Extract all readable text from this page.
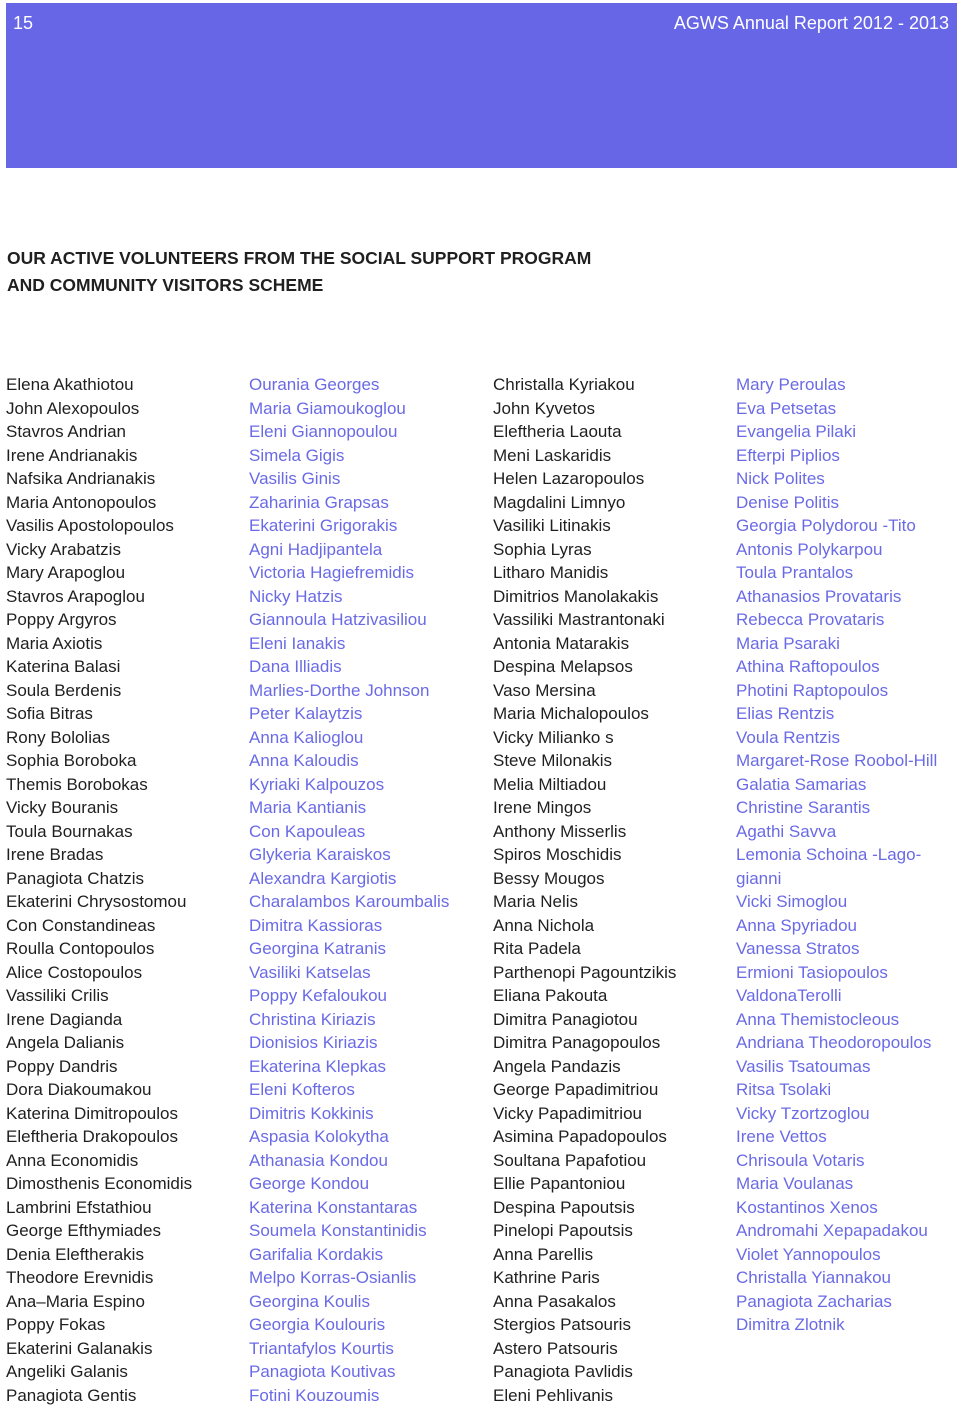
15	AGWS Annual Report 2012 - 2013
OUR ACTIVE VOLUNTEERS FROM THE SOCIAL SUPPORT PROGRAM
AND COMMUNITY VISITORS SCHEME
Elena Akathiotou
John Alexopoulos
Stavros Andrian
Irene Andrianakis
Nafsika Andrianakis
Maria Antonopoulos
Vasilis Apostolopoulos
Vicky Arabatzis
Mary Arapoglou
Stavros Arapoglou
Poppy Argyros
Maria Axiotis
Katerina Balasi
Soula Berdenis
Sofia Bitras
Rony Bololias
Sophia Boroboka
Themis Borobokas
Vicky Bouranis
Toula Bournakas
Irene Bradas
Panagiota Chatzis
Ekaterini Chrysostomou
Con Constandineas
Roulla Contopoulos
Alice Costopoulos
Vassiliki Crilis
Irene Dagianda
Angela Dalianis
Poppy Dandris
Dora Diakoumakou
Katerina Dimitropoulos
Eleftheria Drakopoulos
Anna Economidis
Dimosthenis Economidis
Lambrini Efstathiou
George Efthymiades
Denia Eleftherakis
Theodore Erevnidis
Ana–Maria Espino
Poppy Fokas
Ekaterini Galanakis
Angeliki Galanis
Panagiota Gentis
Ourania Georges
Maria Giamoukoglou
Eleni Giannopoulou
Simela Gigis
Vasilis Ginis
Zaharinia Grapsas
Ekaterini Grigorakis
Agni Hadjipantela
Victoria Hagiefremidis
Nicky Hatzis
Giannoula Hatzivasiliou
Eleni Ianakis
Dana Illiadis
Marlies-Dorthe Johnson
Peter Kalaytzis
Anna Kalioglou
Anna Kaloudis
Kyriaki Kalpouzos
Maria Kantianis
Con Kapouleas
Glykeria Karaiskos
Alexandra Kargiotis
Charalambos Karoumbalis
Dimitra Kassioras
Georgina Katranis
Vasiliki Katselas
Poppy Kefaloukou
Christina Kiriazis
Dionisios Kiriazis
Ekaterina Klepkas
Eleni Kofteros
Dimitris Kokkinis
Aspasia Kolokytha
Athanasia Kondou
George Kondou
Katerina Konstantaras
Soumela Konstantinidis
Garifalia Kordakis
Melpo Korras-Osianlis
Georgina Koulis
Georgia Koulouris
Triantafylos Kourtis
Panagiota Koutivas
Fotini Kouzoumis
Christalla Kyriakou
John Kyvetos
Eleftheria Laouta
Meni Laskaridis
Helen Lazaropoulos
Magdalini Limnyo
Vasiliki Litinakis
Sophia Lyras
Litharo Manidis
Dimitrios Manolakakis
Vassiliki Mastrantonaki
Antonia Matarakis
Despina Melapsos
Vaso Mersina
Maria Michalopoulos
Vicky Milianko s
Steve Milonakis
Melia Miltiadou
Irene Mingos
Anthony Misserlis
Spiros Moschidis
Bessy Mougos
Maria Nelis
Anna Nichola
Rita Padela
Parthenopi Pagountzikis
Eliana Pakouta
Dimitra Panagiotou
Dimitra Panagopoulos
Angela Pandazis
George Papadimitriou
Vicky Papadimitriou
Asimina Papadopoulos
Soultana Papafotiou
Ellie Papantoniou
Despina Papoutsis
Pinelopi Papoutsis
Anna Parellis
Kathrine Paris
Anna Pasakalos
Stergios Patsouris
Astero Patsouris
Panagiota Pavlidis
Eleni Pehlivanis
Mary Peroulas
Eva Petsetas
Evangelia Pilaki
Efterpi Piplios
Nick Polites
Denise Politis
Georgia Polydorou -Tito
Antonis Polykarpou
Toula Prantalos
Athanasios Provataris
Rebecca Provataris
Maria Psaraki
Athina Raftopoulos
Photini Raptopoulos
Elias Rentzis
Voula Rentzis
Margaret-Rose Roobol-Hill
Galatia Samarias
Christine Sarantis
Agathi Savva
Lemonia Schoina -Lago-
gianni
Vicki Simoglou
Anna Spyriadou
Vanessa Stratos
Ermioni Tasiopoulos
ValdonaTerolli
Anna Themistocleous
Andriana Theodoropoulos
Vasilis Tsatoumas
Ritsa Tsolaki
Vicky Tzortzoglou
Irene Vettos
Chrisoula Votaris
Maria Voulanas
Kostantinos Xenos
Andromahi Xepapadakou
Violet Yannopoulos
Christalla Yiannakou
Panagiota Zacharias
Dimitra Zlotnik
